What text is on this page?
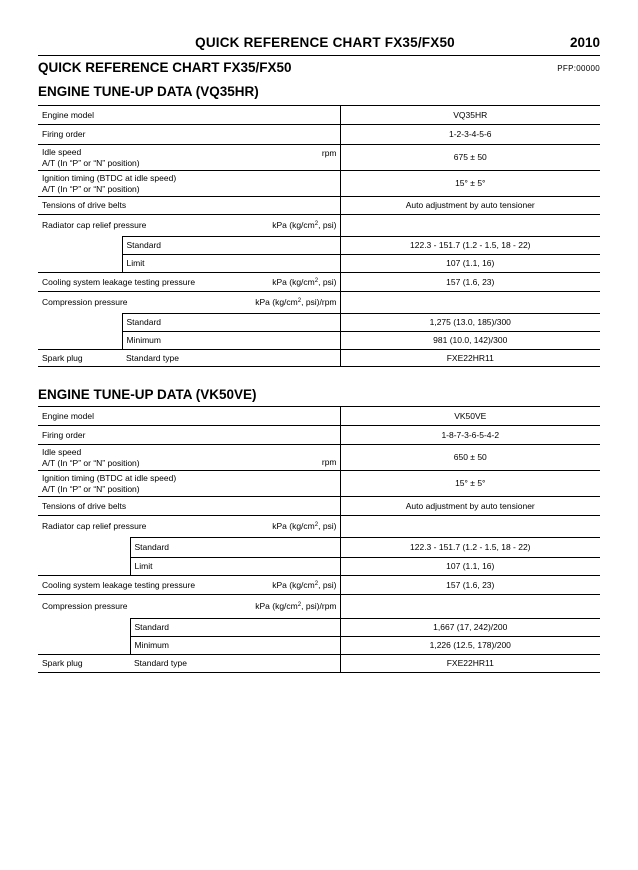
QUICK REFERENCE CHART FX35/FX50	2010
QUICK REFERENCE CHART FX35/FX50	PFP:00000
ENGINE TUNE-UP DATA (VQ35HR)
Engine model			VQ35HR
Firing order			1-2-3-4-5-6

Idle speed
A/T (In “P” or “N” position)		rpm	675 ± 50

Ignition timing (BTDC at idle speed)
A/T (In “P” or “N” position)			15° ± 5°
Tensions of drive belts			Auto adjustment by auto tensioner
Radiator cap relief pressure		kPa ($kg/cm^2$, psi)	
	Standard		122.3 - 151.7 (1.2 - 1.5, 18 - 22)
	Limit		107 (1.1, 16)
Cooling system leakage testing pressure		kPa ($kg/cm^2$, psi)	157 (1.6, 23)
Compression pressure		kPa ($kg/cm^2$, psi)/rpm	
	Standard		1,275 (13.0, 185)/300
	Minimum		981 (10.0, 142)/300
Spark plug	Standard type		FXE22HR11
ENGINE TUNE-UP DATA (VK50VE)
Engine model			VK50VE
Firing order			1-8-7-3-6-5-4-2

Idle speed
A/T (In “P” or “N” position)		rpm	650 ± 50

Ignition timing (BTDC at idle speed)
A/T (In “P” or “N” position)			15° ± 5°
Tensions of drive belts			Auto adjustment by auto tensioner
Radiator cap relief pressure		kPa ($kg/cm^2$, psi)	
	Standard		122.3 - 151.7 (1.2 - 1.5, 18 - 22)
	Limit		107 (1.1, 16)
Cooling system leakage testing pressure		kPa ($kg/cm^2$, psi)	157 (1.6, 23)
Compression pressure		kPa ($kg/cm^2$, psi)/rpm	
	Standard		1,667 (17, 242)/200
	Minimum		1,226 (12.5, 178)/200
Spark plug	Standard type		FXE22HR11
